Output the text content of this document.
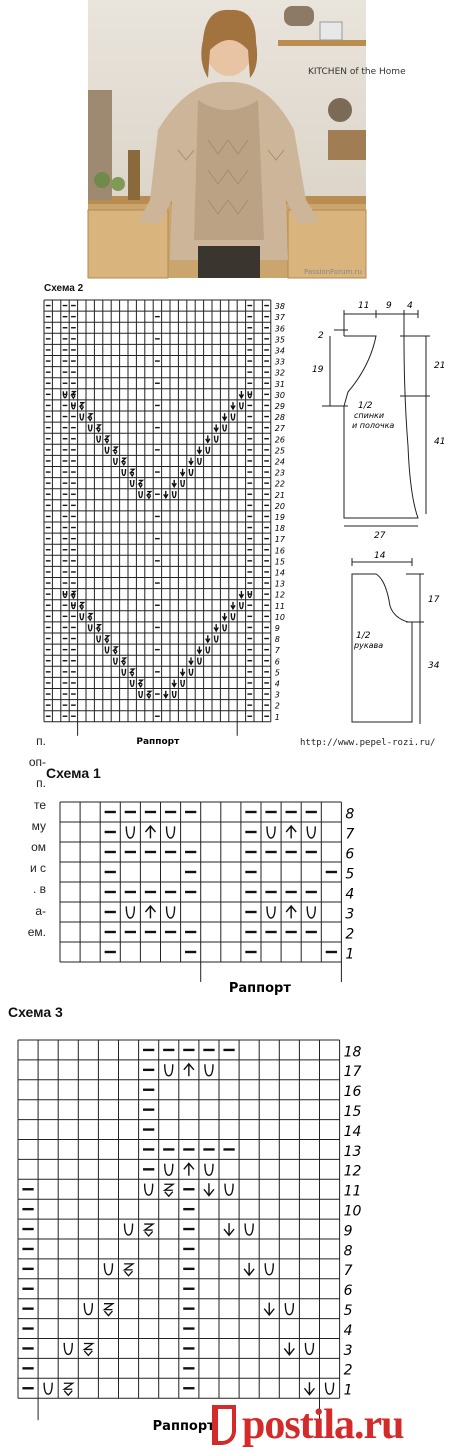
KITCHEN of the Home
PassionForum.ru
Схема 2
38
37
36
35
34
33
32
31
30
29
28
27
26
25
24
23
22
21
20
19
18
17
16
15
14
13
12
11
10
9
8
7
6
5
4
3
2
1
Раппорт
11 9 4
2
19
1/2
спинки
и полочка
21
41
27
14
17
1/2
рукава
34
http://www.pepel-rozi.ru/
п.
оп-
п.
те
му
ом
и с
. в
а-
ем.
Схема 1
8
7
6
5
4
3
2
1
Раппорт
Схема 3
18
17
16
15
14
13
12
11
10
9
8
7
6
5
4
3
2
1
Раппорт postila.ru
